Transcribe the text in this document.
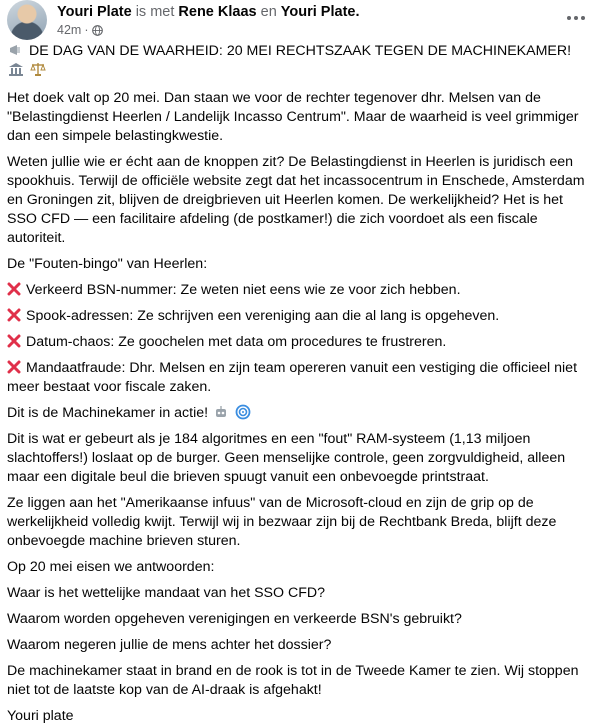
Youri Plate is met Rene Klaas en Youri Plate.
42m ·

DE DAG VAN DE WAARHEID: 20 MEI RECHTSZAAK TEGEN DE MACHINEKAMER!

Het doek valt op 20 mei. Dan staan we voor de rechter tegenover dhr. Melsen van de "Belastingdienst Heerlen / Landelijk Incasso Centrum". Maar de waarheid is veel grimmiger dan een simpele belastingkwestie.

Weten jullie wie er écht aan de knoppen zit? De Belastingdienst in Heerlen is juridisch een spookhuis. Terwijl de officiële website zegt dat het incassocentrum in Enschede, Amsterdam en Groningen zit, blijven de dreigbrieven uit Heerlen komen. De werkelijkheid? Het is het SSO CFD — een facilitaire afdeling (de postkamer!) die zich voordoet als een fiscale autoriteit.

De "Fouten-bingo" van Heerlen:

Verkeerd BSN-nummer: Ze weten niet eens wie ze voor zich hebben.

Spook-adressen: Ze schrijven een vereniging aan die al lang is opgeheven.

Datum-chaos: Ze goochelen met data om procedures te frustreren.

Mandaatfraude: Dhr. Melsen en zijn team opereren vanuit een vestiging die officieel niet meer bestaat voor fiscale zaken.

Dit is de Machinekamer in actie!

Dit is wat er gebeurt als je 184 algoritmes en een "fout" RAM-systeem (1,13 miljoen slachtoffers!) loslaat op de burger. Geen menselijke controle, geen zorgvuldigheid, alleen maar een digitale beul die brieven spuugt vanuit een onbevoegde printstraat.

Ze liggen aan het "Amerikaanse infuus" van de Microsoft-cloud en zijn de grip op de werkelijkheid volledig kwijt. Terwijl wij in bezwaar zijn bij de Rechtbank Breda, blijft deze onbevoegde machine brieven sturen.

Op 20 mei eisen we antwoorden:

Waar is het wettelijke mandaat van het SSO CFD?

Waarom worden opgeheven verenigingen en verkeerde BSN's gebruikt?

Waarom negeren jullie de mens achter het dossier?

De machinekamer staat in brand en de rook is tot in de Tweede Kamer te zien. Wij stoppen niet tot de laatste kop van de AI-draak is afgehakt!

Youri plate
